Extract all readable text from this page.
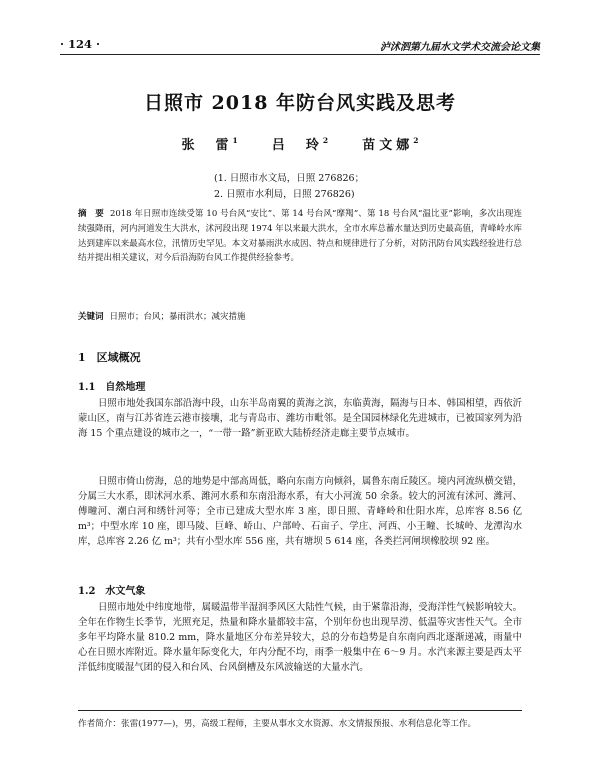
· 124 ·	泸沭泗第九届水文学术交流会论文集
日照市 2018 年防台风实践及思考
张　雷$^1$	吕　玲$^2$	苗文娜$^2$
(1. 日照市水文局，日照 276826；
2. 日照市水利局，日照 276826)
摘　要 2018 年日照市连续受第 10 号台风“安比”、第 14 号台风“摩羯”、第 18 号台风“温比亚”影响，多次出现连续强降雨，河内河道发生大洪水，沭河段出现 1974 年以来最大洪水，全市水库总蓄水量达到历史最高值，青峰岭水库达到建库以来最高水位，汛情历史罕见。本文对暴雨洪水成因、特点和规律进行了分析，对防汛防台风实践经验进行总结并提出相关建议，对今后沿海防台风工作提供经验参考。
关键词 日照市；台风；暴雨洪水；减灾措施
1　区域概况
1.1　自然地理
日照市地处我国东部沿海中段，山东半岛南翼的黄海之滨，东临黄海，隔海与日本、韩国相望，西依沂蒙山区，南与江苏省连云港市接壤，北与青岛市、潍坊市毗邻。是全国园林绿化先进城市，已被国家列为沿海 15 个重点建设的城市之一，“一带一路”新亚欧大陆桥经济走廊主要节点城市。
日照市倚山傍海，总的地势是中部高周低，略向东南方向倾斜，属鲁东南丘陵区。境内河流纵横交错，分属三大水系，即沭河水系、潍河水系和东南沿海水系，有大小河流 50 余条。较大的河流有沭河、潍河、傅疃河、潮白河和绣针河等；全市已建成大型水库 3 座，即日照、青峰岭和仕阳水库，总库容 8.56 亿 m³；中型水库 10 座，即马陵、巨峰、峤山、户部岭、石亩子、学庄、河西、小王疃、长城岭、龙潭沟水库，总库容 2.26 亿 m³；共有小型水库 556 座，共有塘坝 5 614 座，各类拦河闸坝橡胶坝 92 座。
1.2　水文气象
日照市地处中纬度地带，属暖温带半湿润季风区大陆性气候，由于紧靠沿海，受海洋性气候影响较大。全年在作物生长季节，光照充足，热量和降水量都较丰富，个别年份也出现旱涝、低温等灾害性天气。全市多年平均降水量 810.2 mm，降水量地区分布差异较大，总的分布趋势是自东南向西北逐渐递减，雨量中心在日照水库附近。降水量年际变化大，年内分配不均，雨季一般集中在 6～9 月。水汽来源主要是西太平洋低纬度暖湿气团的侵入和台风、台风倒槽及东风波输送的大量水汽。
作者简介：张雷(1977—)，男，高级工程师，主要从事水文水资源、水文情报预报、水利信息化等工作。
